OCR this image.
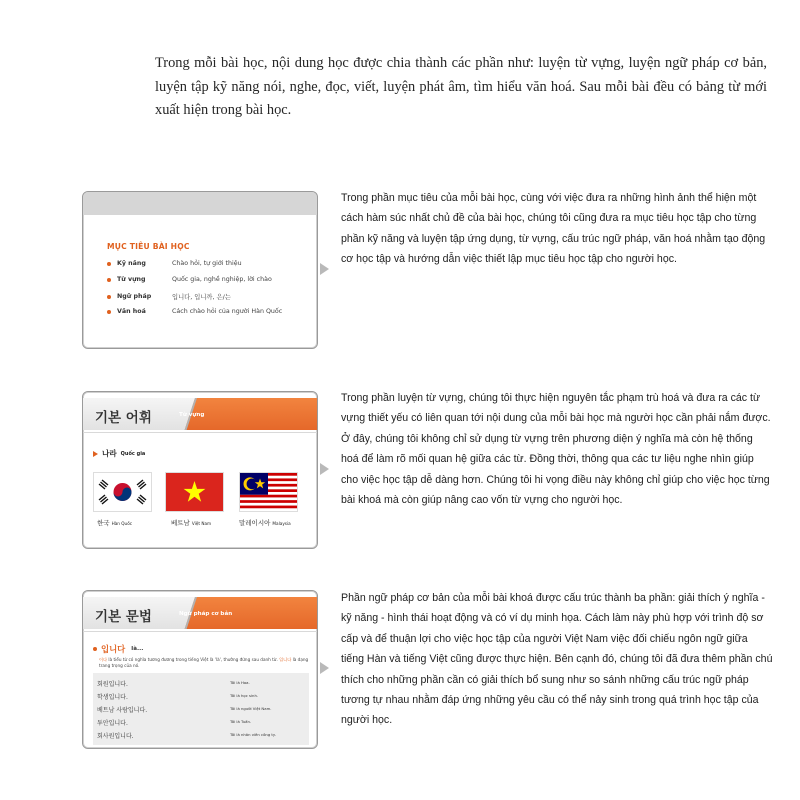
Trong mỗi bài học, nội dung học được chia thành các phần như: luyện từ vựng, luyện ngữ pháp cơ bản, luyện tập kỹ năng nói, nghe, đọc, viết, luyện phát âm, tìm hiểu văn hoá. Sau mỗi bài đều có bảng từ mới xuất hiện trong bài học.

MỤC TIÊU BÀI HỌC
Kỹ năng	Chào hỏi, tự giới thiệu
Từ vựng	Quốc gia, nghề nghiệp, lời chào
Ngữ pháp	입니다, 입니까, 은/는
Văn hoá	Cách chào hỏi của người Hàn Quốc

Trong phần mục tiêu của mỗi bài học, cùng với việc đưa ra những hình ảnh thể hiện một cách hàm súc nhất chủ đề của bài học, chúng tôi cũng đưa ra mục tiêu học tập cho từng phần kỹ năng và luyện tập ứng dụng, từ vựng, cấu trúc ngữ pháp, văn hoá nhằm tạo động cơ học tập và hướng dẫn việc thiết lập mục tiêu học tập cho người học.

기본 어휘	Từ vựng
나라 Quốc gia
한국 Hàn Quốc	베트남 Việt Nam	말레이시아 Malaysia

Trong phần luyện từ vựng, chúng tôi thực hiện nguyên tắc phạm trù hoá và đưa ra các từ vựng thiết yếu có liên quan tới nội dung của mỗi bài học mà người học cần phải nắm được. Ở đây, chúng tôi không chỉ sử dụng từ vựng trên phương diện ý nghĩa mà còn hệ thống hoá để làm rõ mối quan hệ giữa các từ. Đồng thời, thông qua các tư liệu nghe nhìn giúp cho việc học tập dễ dàng hơn. Chúng tôi hi vọng điều này không chỉ giúp cho việc học từng bài khoá mà còn giúp nâng cao vốn từ vựng cho người học.

기본 문법	Ngữ pháp cơ bản
입니다 là...
이다 là tiểu từ có nghĩa tương đương trong tiếng Việt là 'là', thường đứng sau danh từ. 입니다 là dạng trang trọng của nó.
회원입니다.	Tôi là Hoa.
학생입니다.	Tôi là học sinh.
베트남 사람입니다.	Tôi là người Việt Nam.
투안입니다.	Tôi là Tuấn.
회사원입니다.	Tôi là nhân viên công ty.

Phần ngữ pháp cơ bản của mỗi bài khoá được cấu trúc thành ba phần: giải thích ý nghĩa - kỹ năng - hình thái hoạt động và có ví dụ minh họa. Cách làm này phù hợp với trình độ sơ cấp và để thuận lợi cho việc học tập của người Việt Nam việc đối chiếu ngôn ngữ giữa tiếng Hàn và tiếng Việt cũng được thực hiện. Bên cạnh đó, chúng tôi đã đưa thêm phần chú thích cho những phần cần có giải thích bổ sung như so sánh những cấu trúc ngữ pháp tương tự nhau nhằm đáp ứng những yêu cầu có thể nảy sinh trong quá trình học tập của người học.
